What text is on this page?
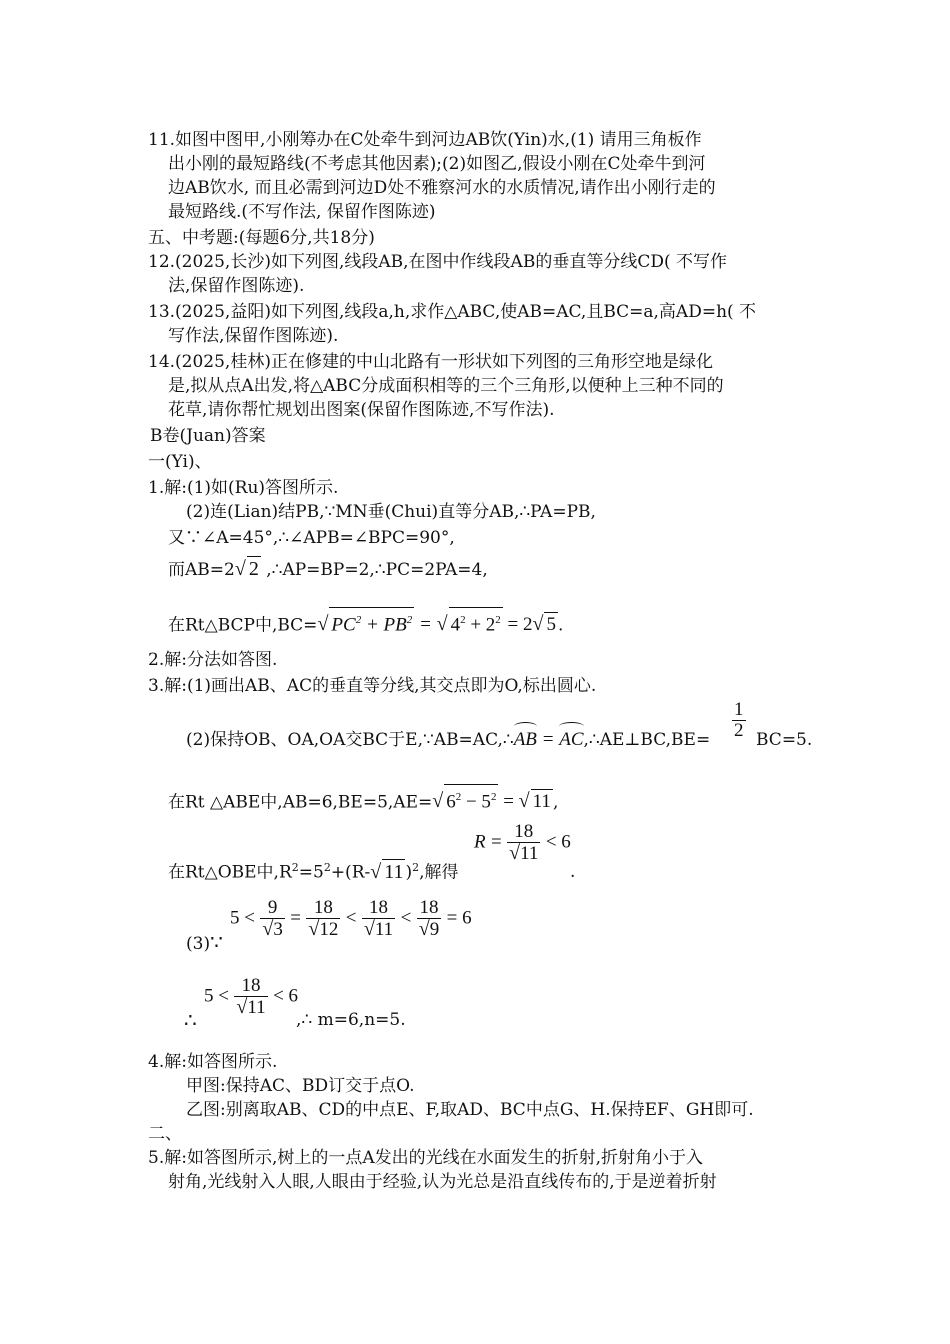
11.如图中图甲,小刚筹办在C处牵牛到河边AB饮(Yin)水,(1) 请用三角板作
出小刚的最短路线(不考虑其他因素);(2)如图乙,假设小刚在C处牵牛到河
边AB饮水, 而且必需到河边D处不雅察河水的水质情况,请作出小刚行走的
最短路线.(不写作法, 保留作图陈迹)
五、中考题:(每题6分,共18分)
12.(2025,长沙)如下列图,线段AB,在图中作线段AB的垂直等分线CD( 不写作
法,保留作图陈迹).
13.(2025,益阳)如下列图,线段a,h,求作△ABC,使AB=AC,且BC=a,高AD=h( 不
写作法,保留作图陈迹).
14.(2025,桂林)正在修建的中山北路有一形状如下列图的三角形空地是绿化
是,拟从点A出发,将△ABC分成面积相等的三个三角形,以便种上三种不同的
花草,请你帮忙规划出图案(保留作图陈迹,不写作法).
B卷(Juan)答案
一(Yi)、
1.解:(1)如(Ru)答图所示.
(2)连(Lian)结PB,∵MN垂(Chui)直等分AB,∴PA=PB,
又∵∠A=45°,∴∠APB=∠BPC=90°,
而AB=2√ 2 ,∴AP=BP=2,∴PC=2PA=4,
在Rt△BCP中,BC=√ $PC^2 + PB^2$ = √ $4^2 + 2^2 = 2√$ 5 .
2.解:分法如答图.
3.解:(1)画出AB、AC的垂直等分线,其交点即为O,标出圆心.
(2)保持OB、OA,OA交BC于E,∵AB=AC,∴AB = AC,∴AE⊥BC,BE= $\frac{1}{2} BC=5$.
在Rt △ABE中,AB=6,BE=5,AE=√ $6^2 - 5^2$ = √ 11 ,
在Rt△OBE中$,R^2=5^2+(R-√$ 11 )$^2$,解得
$R = \frac{18}{√11} < 6$
.
$5 < \frac{9}{√3} = \frac{18}{√12} < \frac{18}{√11} < \frac{18}{√9} = 6$
(3)∵
∴
$5 < \frac{18}{√11} < 6$
,∴ m=6,n=5.
4.解:如答图所示.
甲图:保持AC、BD订交于点O.
乙图:别离取AB、CD的中点E、F,取AD、BC中点G、H.保持EF、GH即可.
二、
5.解:如答图所示,树上的一点A发出的光线在水面发生的折射,折射角小于入
射角,光线射入人眼,人眼由于经验,认为光总是沿直线传布的,于是逆着折射
